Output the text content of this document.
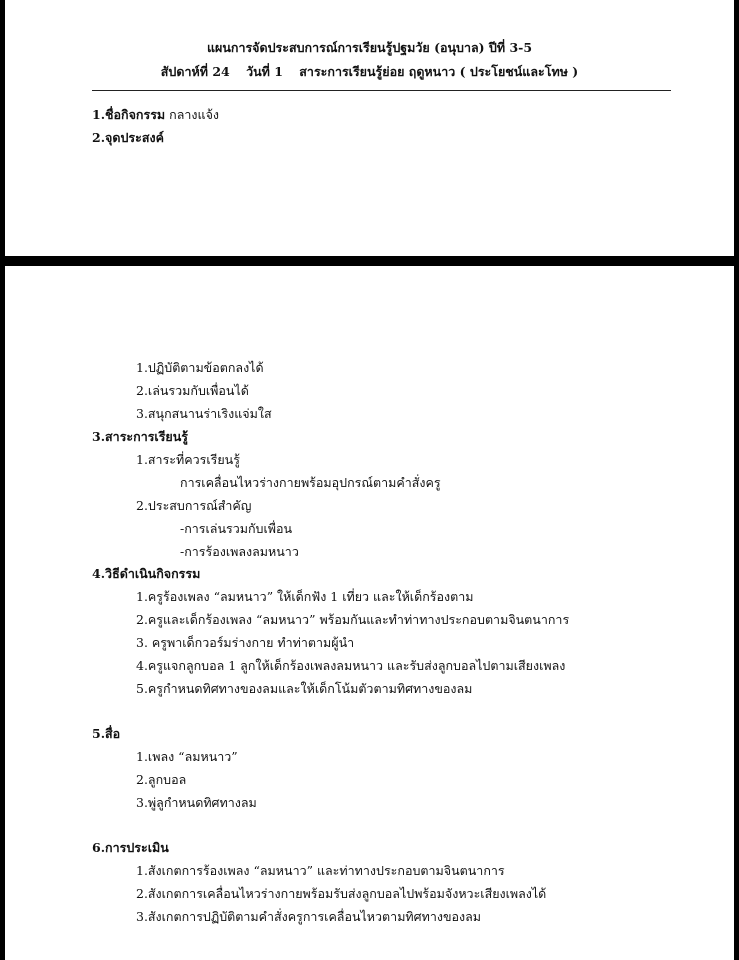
แผนการจัดประสบการณ์การเรียนรู้ปฐมวัย (อนุบาล) ปีที่ 3-5
สัปดาห์ที่ 24 วันที่ 1 สาระการเรียนรู้ย่อย ฤดูหนาว ( ประโยชน์และโทษ )
1.ชื่อกิจกรรม กลางแจ้ง
2.จุดประสงค์
1.ปฏิบัติตามข้อตกลงได้
2.เล่นรวมกับเพื่อนได้
3.สนุกสนานร่าเริงแจ่มใส
3.สาระการเรียนรู้
1.สาระที่ควรเรียนรู้
การเคลื่อนไหวร่างกายพร้อมอุปกรณ์ตามคำสั่งครู
2.ประสบการณ์สำคัญ
-การเล่นรวมกับเพื่อน
-การร้องเพลงลมหนาว
4.วิธีดำเนินกิจกรรม
1.ครูร้องเพลง “ลมหนาว” ให้เด็กฟัง 1 เที่ยว และให้เด็กร้องตาม
2.ครูและเด็กร้องเพลง “ลมหนาว” พร้อมกันและทำท่าทางประกอบตามจินตนาการ
3. ครูพาเด็กวอร์มร่างกาย ทำท่าตามผู้นำ
4.ครูแจกลูกบอล 1 ลูกให้เด็กร้องเพลงลมหนาว และรับส่งลูกบอลไปตามเสียงเพลง
5.ครูกำหนดทิศทางของลมและให้เด็กโน้มตัวตามทิศทางของลม
5.สื่อ
1.เพลง “ลมหนาว”
2.ลูกบอล
3.พู่ลูกำหนดทิศทางลม
6.การประเมิน
1.สังเกตการร้องเพลง “ลมหนาว” และท่าทางประกอบตามจินตนาการ
2.สังเกตการเคลื่อนไหวร่างกายพร้อมรับส่งลูกบอลไปพร้อมจังหวะเสียงเพลงได้
3.สังเกตการปฏิบัติตามคำสั่งครูการเคลื่อนไหวตามทิศทางของลม
